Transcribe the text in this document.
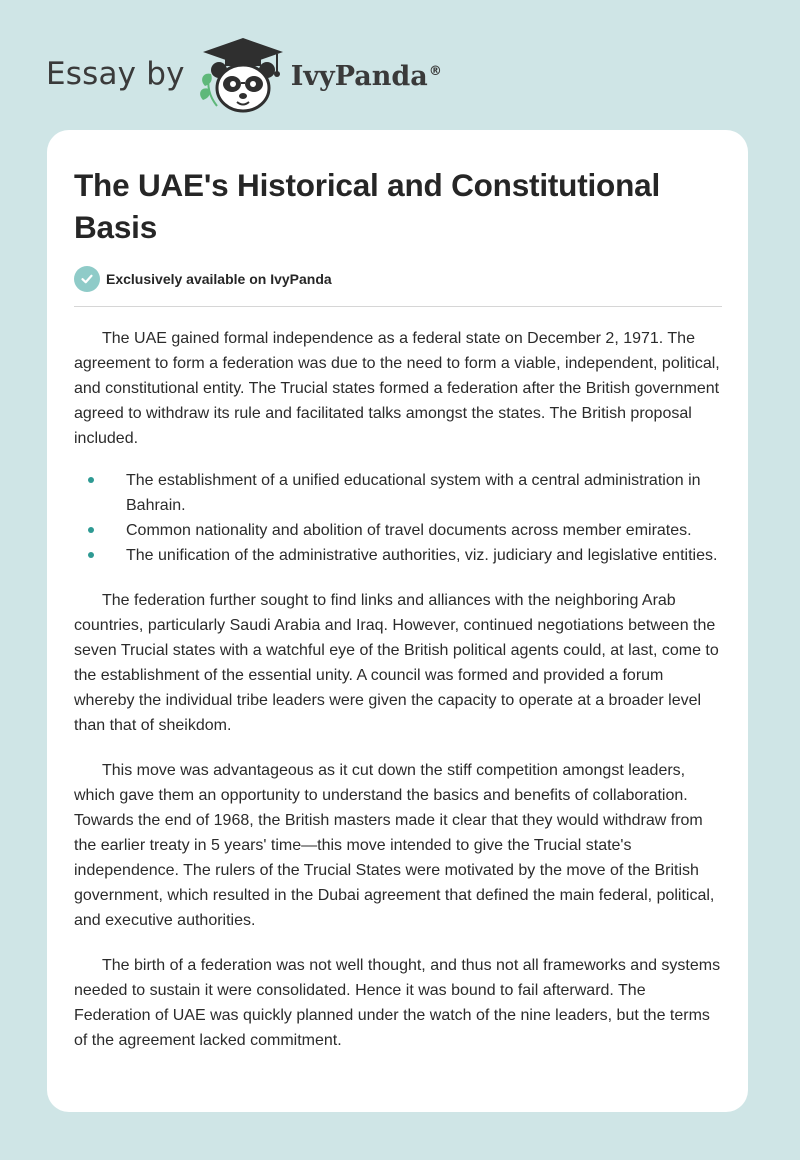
Essay by	IvyPanda®
The UAE's Historical and Constitutional Basis
Exclusively available on IvyPanda

The UAE gained formal independence as a federal state on December 2, 1971. The agreement to form a federation was due to the need to form a viable, independent, political, and constitutional entity. The Trucial states formed a federation after the British government agreed to withdraw its rule and facilitated talks amongst the states. The British proposal included.

The establishment of a unified educational system with a central administration in Bahrain.
Common nationality and abolition of travel documents across member emirates.
The unification of the administrative authorities, viz. judiciary and legislative entities.

The federation further sought to find links and alliances with the neighboring Arab countries, particularly Saudi Arabia and Iraq. However, continued negotiations between the seven Trucial states with a watchful eye of the British political agents could, at last, come to the establishment of the essential unity. A council was formed and provided a forum whereby the individual tribe leaders were given the capacity to operate at a broader level than that of sheikdom.

This move was advantageous as it cut down the stiff competition amongst leaders, which gave them an opportunity to understand the basics and benefits of collaboration. Towards the end of 1968, the British masters made it clear that they would withdraw from the earlier treaty in 5 years' time—this move intended to give the Trucial state's independence. The rulers of the Trucial States were motivated by the move of the British government, which resulted in the Dubai agreement that defined the main federal, political, and executive authorities.

The birth of a federation was not well thought, and thus not all frameworks and systems needed to sustain it were consolidated. Hence it was bound to fail afterward. The Federation of UAE was quickly planned under the watch of the nine leaders, but the terms of the agreement lacked commitment.
